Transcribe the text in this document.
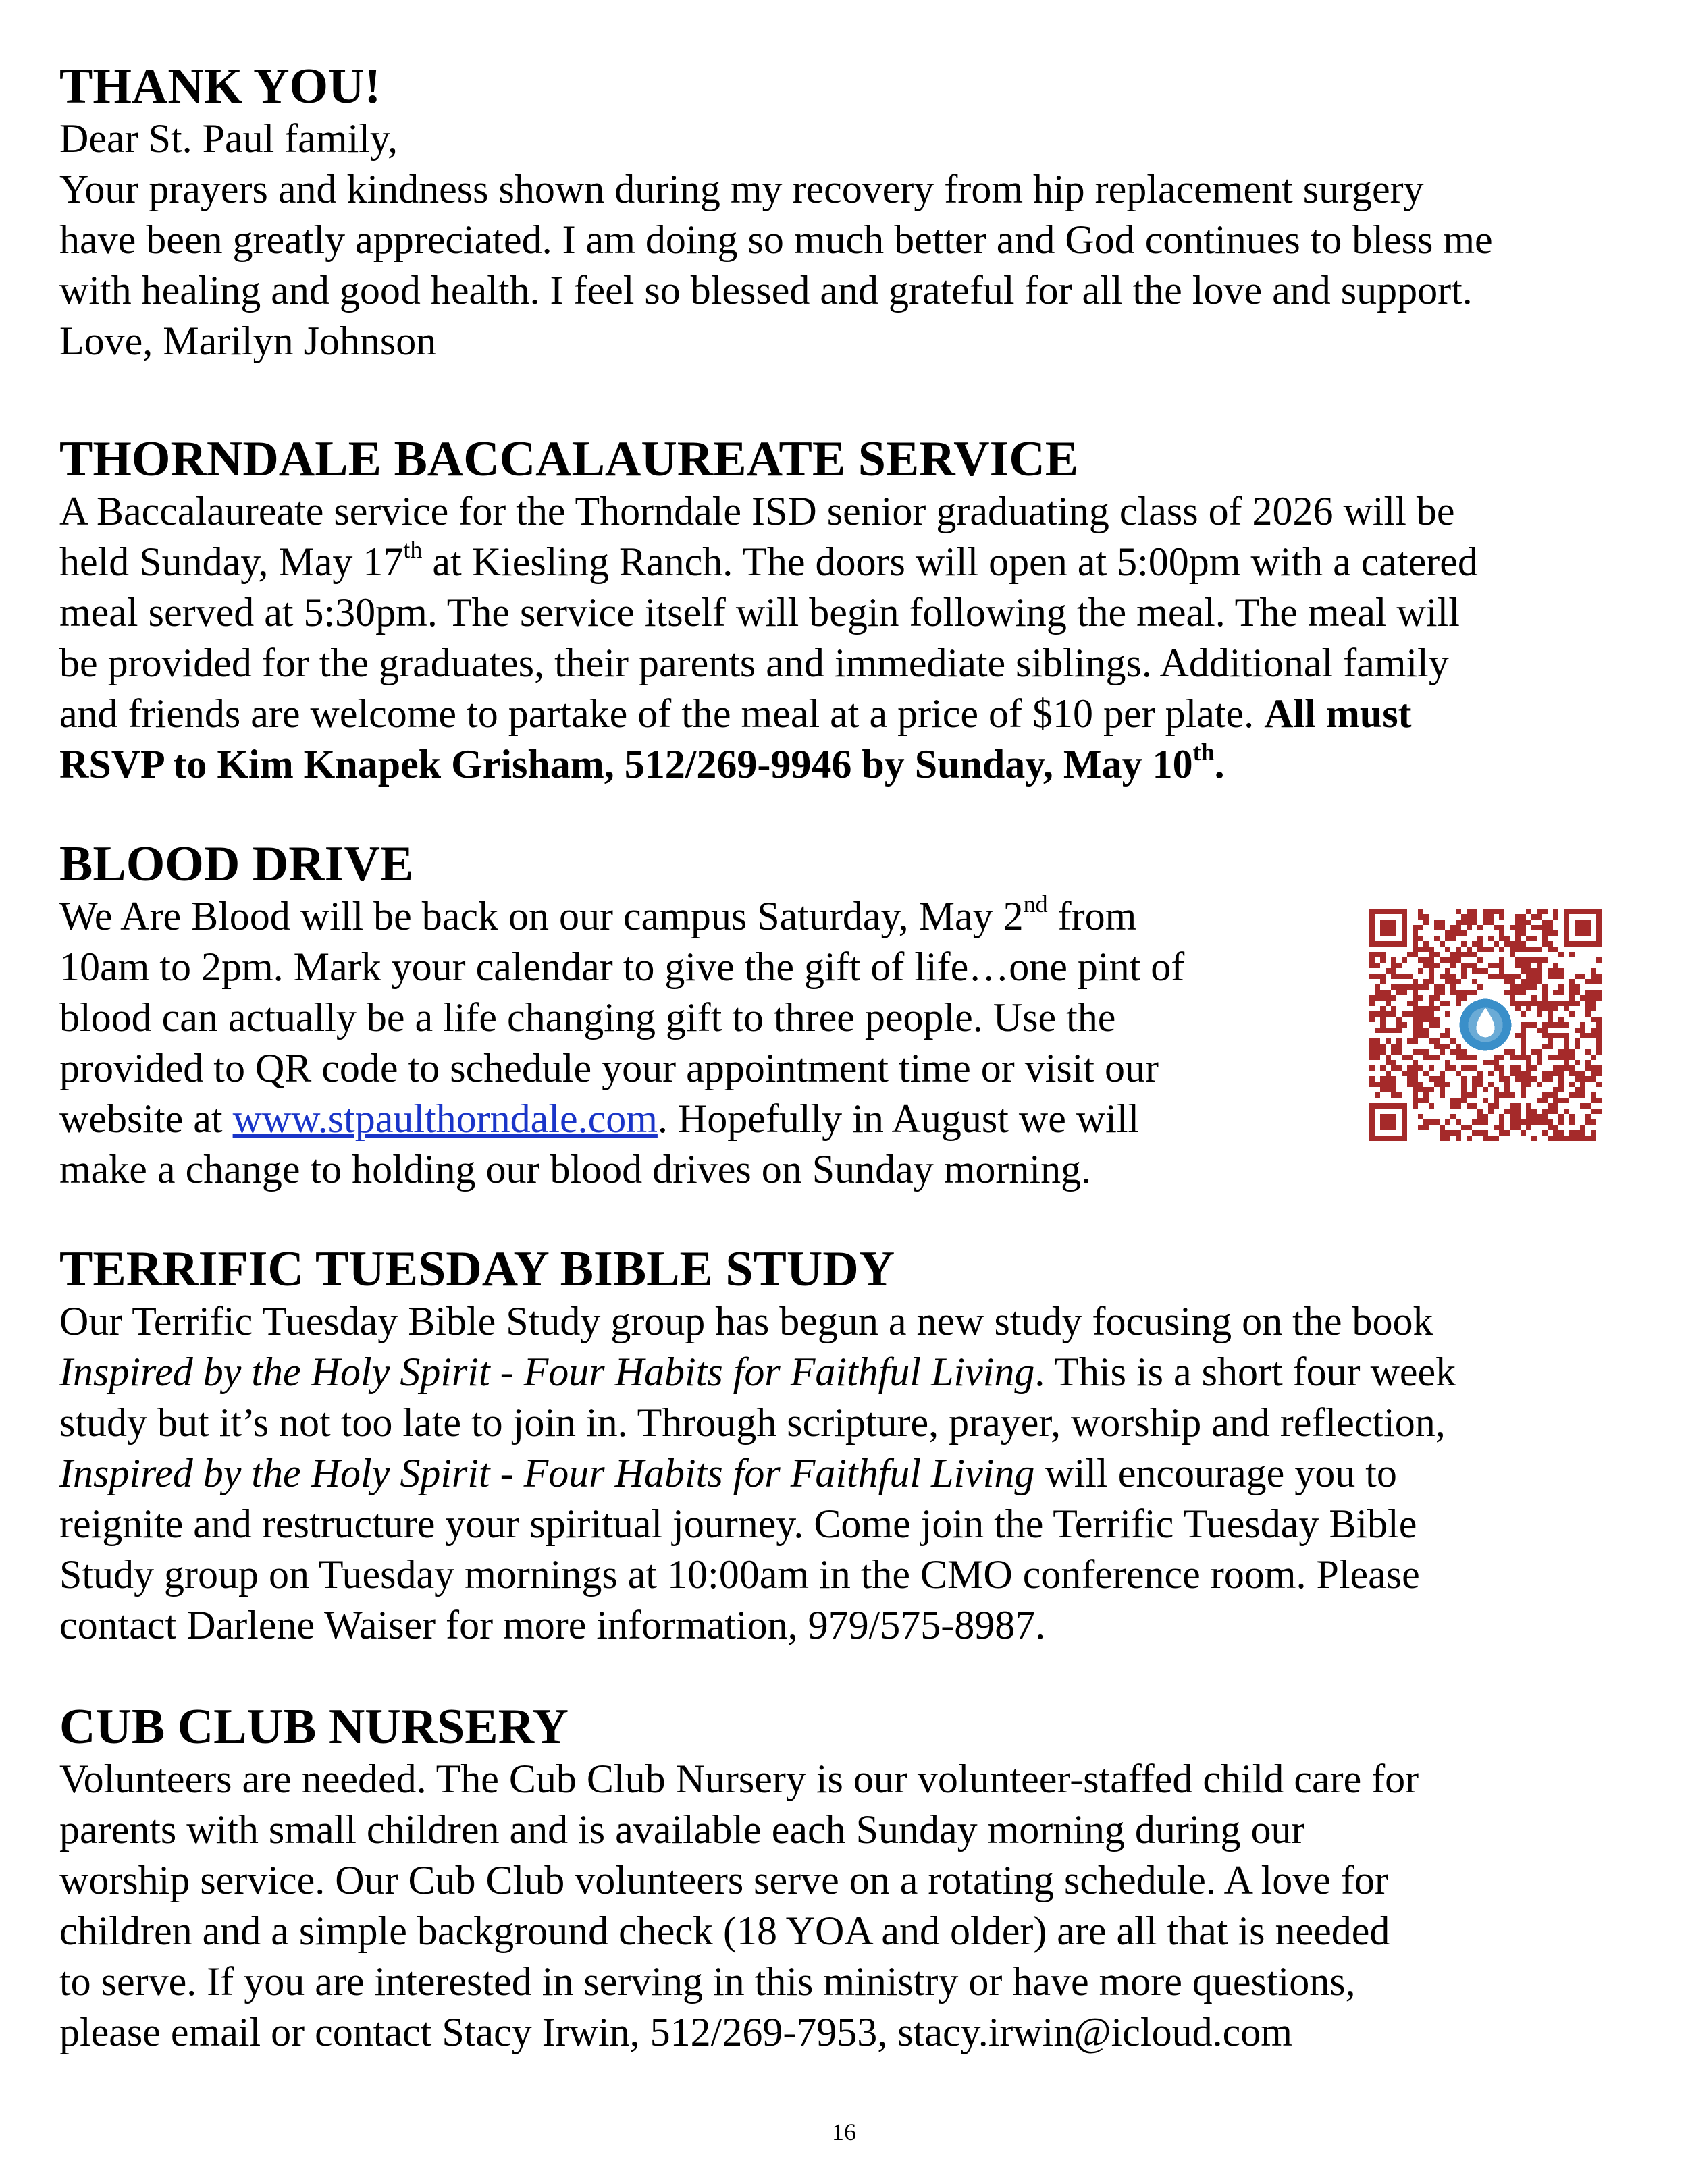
THANK YOU!

Dear St. Paul family,
Your prayers and kindness shown during my recovery from hip replacement surgery
have been greatly appreciated. I am doing so much better and God continues to bless me
with healing and good health. I feel so blessed and grateful for all the love and support.
Love, Marilyn Johnson

THORNDALE BACCALAUREATE SERVICE

A Baccalaureate service for the Thorndale ISD senior graduating class of 2026 will be
held Sunday, May 17th at Kiesling Ranch. The doors will open at 5:00pm with a catered
meal served at 5:30pm. The service itself will begin following the meal. The meal will
be provided for the graduates, their parents and immediate siblings. Additional family
and friends are welcome to partake of the meal at a price of $10 per plate. All must
RSVP to Kim Knapek Grisham, 512/269-9946 by Sunday, May 10th.

BLOOD DRIVE

We Are Blood will be back on our campus Saturday, May 2nd from
10am to 2pm. Mark your calendar to give the gift of life…one pint of
blood can actually be a life changing gift to three people. Use the
provided to QR code to schedule your appointment time or visit our
website at www.stpaulthorndale.com. Hopefully in August we will
make a change to holding our blood drives on Sunday morning.

TERRIFIC TUESDAY BIBLE STUDY

Our Terrific Tuesday Bible Study group has begun a new study focusing on the book
Inspired by the Holy Spirit - Four Habits for Faithful Living. This is a short four week
study but it’s not too late to join in. Through scripture, prayer, worship and reflection,
Inspired by the Holy Spirit - Four Habits for Faithful Living will encourage you to
reignite and restructure your spiritual journey. Come join the Terrific Tuesday Bible
Study group on Tuesday mornings at 10:00am in the CMO conference room. Please
contact Darlene Waiser for more information, 979/575-8987.

CUB CLUB NURSERY

Volunteers are needed. The Cub Club Nursery is our volunteer-staffed child care for
parents with small children and is available each Sunday morning during our
worship service. Our Cub Club volunteers serve on a rotating schedule. A love for
children and a simple background check (18 YOA and older) are all that is needed
to serve. If you are interested in serving in this ministry or have more questions,
please email or contact Stacy Irwin, 512/269-7953, stacy.irwin@icloud.com

16
